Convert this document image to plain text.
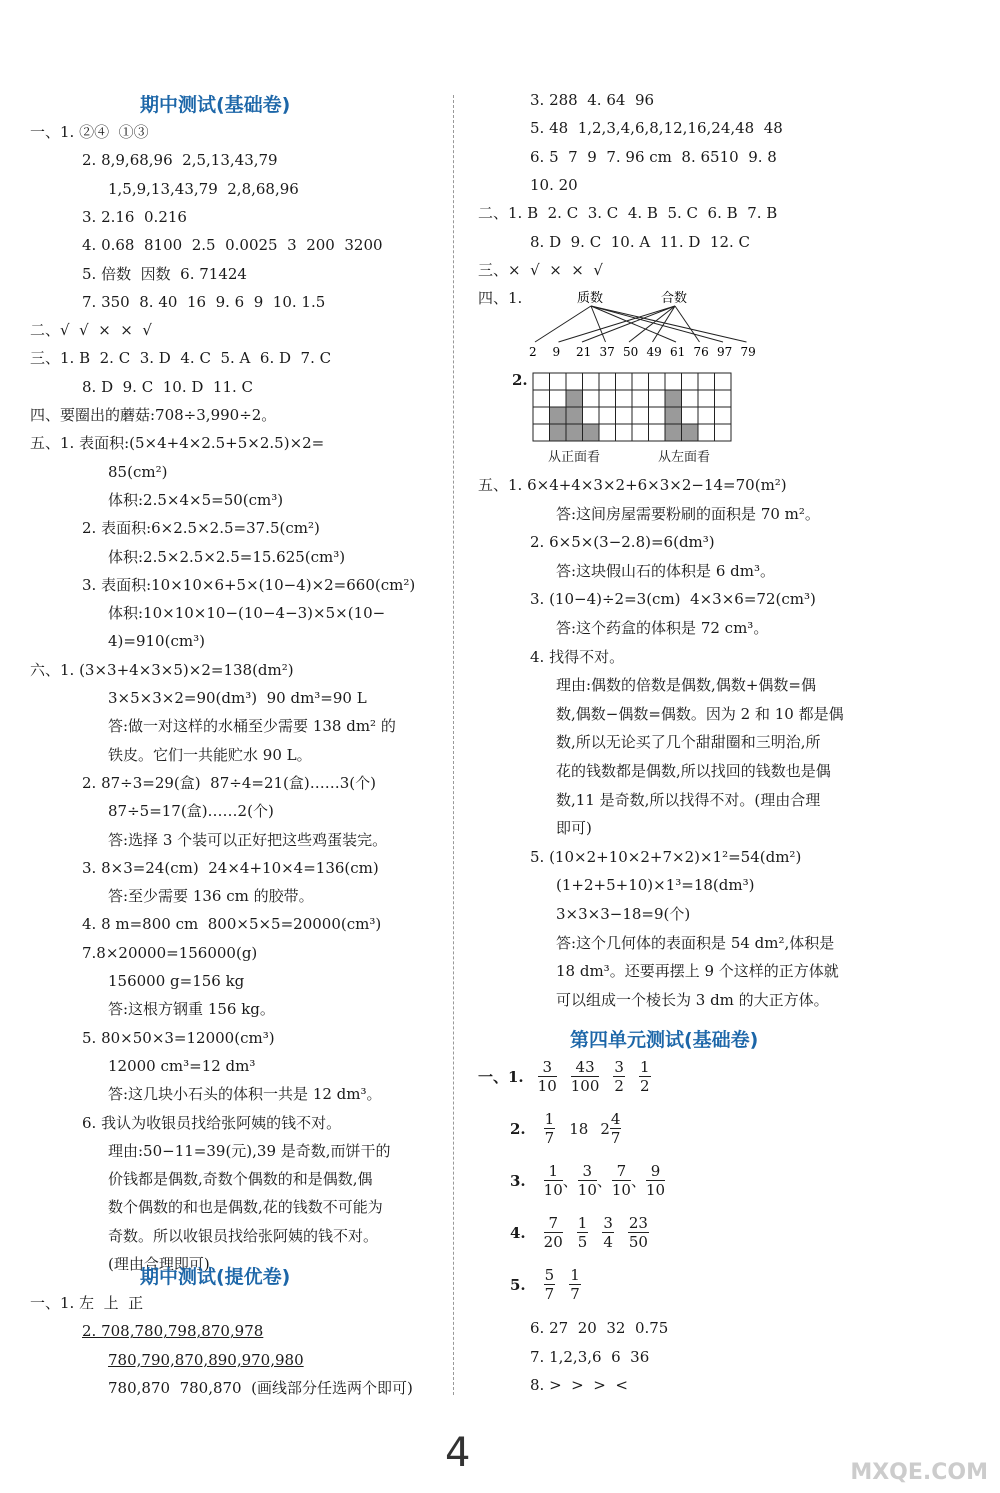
期中测试(基础卷)
一、1. ②④  ①③
2. 8,9,68,96  2,5,13,43,79
1,5,9,13,43,79  2,8,68,96
3. 2.16  0.216
4. 0.68  8100  2.5  0.0025  3  200  3200
5. 倍数  因数  6. 71424
7. 350  8. 40  16  9. 6  9  10. 1.5
二、√  √  ×  ×  √
三、1. B  2. C  3. D  4. C  5. A  6. D  7. C
8. D  9. C  10. D  11. C
四、要圈出的蘑菇:708÷3,990÷2。
五、1. 表面积:(5×4+4×2.5+5×2.5)×2=
85(cm²)
体积:2.5×4×5=50(cm³)
2. 表面积:6×2.5×2.5=37.5(cm²)
体积:2.5×2.5×2.5=15.625(cm³)
3. 表面积:10×10×6+5×(10−4)×2=660(cm²)
体积:10×10×10−(10−4−3)×5×(10−
4)=910(cm³)
六、1. (3×3+4×3×5)×2=138(dm²)
3×5×3×2=90(dm³)  90 dm³=90 L
答:做一对这样的水桶至少需要 138 dm² 的
铁皮。它们一共能贮水 90 L。
2. 87÷3=29(盒)  87÷4=21(盒)……3(个)
87÷5=17(盒)……2(个)
答:选择 3 个装可以正好把这些鸡蛋装完。
3. 8×3=24(cm)  24×4+10×4=136(cm)
答:至少需要 136 cm 的胶带。
4. 8 m=800 cm  800×5×5=20000(cm³)
7.8×20000=156000(g)
156000 g=156 kg
答:这根方钢重 156 kg。
5. 80×50×3=12000(cm³)
12000 cm³=12 dm³
答:这几块小石头的体积一共是 12 dm³。
6. 我认为收银员找给张阿姨的钱不对。
理由:50−11=39(元),39 是奇数,而饼干的
价钱都是偶数,奇数个偶数的和是偶数,偶
数个偶数的和也是偶数,花的钱数不可能为
奇数。所以收银员找给张阿姨的钱不对。
(理由合理即可)
期中测试(提优卷)
一、1. 左  上  正
2. 708,780,798,870,978
780,790,870,890,970,980
780,870  780,870  (画线部分任选两个即可)
3. 288  4. 64  96
5. 48  1,2,3,4,6,8,12,16,24,48  48
6. 5  7  9  7. 96 cm  8. 6510  9. 8
10. 20
二、1. B  2. C  3. C  4. B  5. C  6. B  7. B
8. D  9. C  10. A  11. D  12. C
三、×  √  ×  ×  √
四、1.	质数	合数
2 9 21 37 50 49 61 76 97 79
2.
从正面看	从左面看
五、1. 6×4+4×3×2+6×3×2−14=70(m²)
答:这间房屋需要粉刷的面积是 70 m²。
2. 6×5×(3−2.8)=6(dm³)
答:这块假山石的体积是 6 dm³。
3. (10−4)÷2=3(cm)  4×3×6=72(cm³)
答:这个药盒的体积是 72 cm³。
4. 找得不对。
理由:偶数的倍数是偶数,偶数+偶数=偶
数,偶数−偶数=偶数。因为 2 和 10 都是偶
数,所以无论买了几个甜甜圈和三明治,所
花的钱数都是偶数,所以找回的钱数也是偶
数,11 是奇数,所以找得不对。(理由合理
即可)
5. (10×2+10×2+7×2)×1²=54(dm²)
(1+2+5+10)×1³=18(dm³)
3×3×3−18=9(个)
答:这个几何体的表面积是 54 dm²,体积是
18 dm³。还要再摆上 9 个这样的正方体就
可以组成一个棱长为 3 dm 的大正方体。
第四单元测试(基础卷)
一、1. $\frac{3}{10} \frac{43}{100} \frac{3}{2} \frac{1}{2}$
2. $\frac{1}{7} 18$ $2 \frac{4}{7}$
3. $\frac{1}{10}$ 、 $\frac{3}{10}$ 、 $\frac{7}{10}$ 、 $\frac{9}{10}$
4. $\frac{7}{20} \frac{1}{5} \frac{3}{4} \frac{23}{50}$
5. $\frac{5}{7} \frac{1}{7}$
6. 27  20  32  0.75
7. 1,2,3,6  6  36
8. >  >  >  <
4	MXQE.COM
